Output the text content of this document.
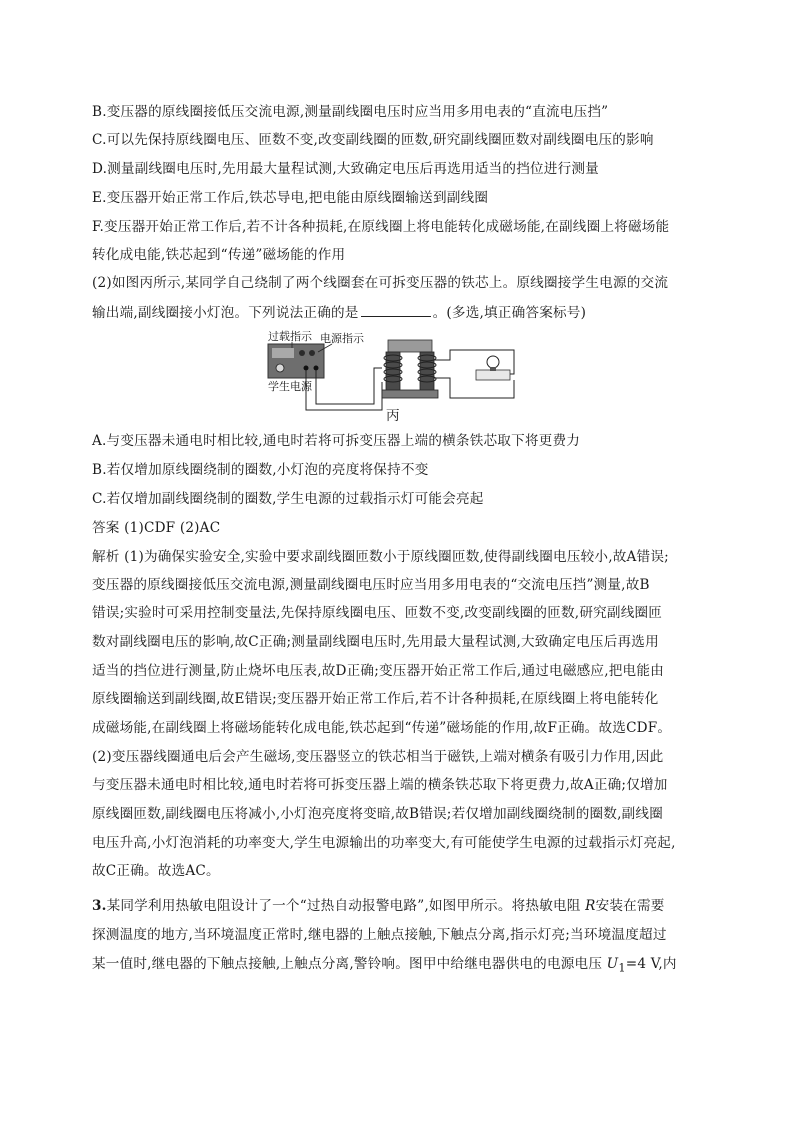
B.变压器的原线圈接低压交流电源,测量副线圈电压时应当用多用电表的“直流电压挡”
C.可以先保持原线圈电压、匝数不变,改变副线圈的匝数,研究副线圈匝数对副线圈电压的影响
D.测量副线圈电压时,先用最大量程试测,大致确定电压后再选用适当的挡位进行测量
E.变压器开始正常工作后,铁芯导电,把电能由原线圈输送到副线圈
F.变压器开始正常工作后,若不计各种损耗,在原线圈上将电能转化成磁场能,在副线圈上将磁场能
转化成电能,铁芯起到“传递”磁场能的作用
(2)如图丙所示,某同学自己绕制了两个线圈套在可拆变压器的铁芯上。原线圈接学生电源的交流
输出端,副线圈接小灯泡。下列说法正确的是	。(多选,填正确答案标号)
过载指示 电源指示
学生电源
丙
A.与变压器未通电时相比较,通电时若将可拆变压器上端的横条铁芯取下将更费力
B.若仅增加原线圈绕制的圈数,小灯泡的亮度将保持不变
C.若仅增加副线圈绕制的圈数,学生电源的过载指示灯可能会亮起
答案 (1)CDF (2)AC
解析 (1)为确保实验安全,实验中要求副线圈匝数小于原线圈匝数,使得副线圈电压较小,故A错误;
变压器的原线圈接低压交流电源,测量副线圈电压时应当用多用电表的“交流电压挡”测量,故B
错误;实验时可采用控制变量法,先保持原线圈电压、匝数不变,改变副线圈的匝数,研究副线圈匝
数对副线圈电压的影响,故C正确;测量副线圈电压时,先用最大量程试测,大致确定电压后再选用
适当的挡位进行测量,防止烧坏电压表,故D正确;变压器开始正常工作后,通过电磁感应,把电能由
原线圈输送到副线圈,故E错误;变压器开始正常工作后,若不计各种损耗,在原线圈上将电能转化
成磁场能,在副线圈上将磁场能转化成电能,铁芯起到“传递”磁场能的作用,故F正确。故选CDF。
(2)变压器线圈通电后会产生磁场,变压器竖立的铁芯相当于磁铁,上端对横条有吸引力作用,因此
与变压器未通电时相比较,通电时若将可拆变压器上端的横条铁芯取下将更费力,故A正确;仅增加
原线圈匝数,副线圈电压将减小,小灯泡亮度将变暗,故B错误;若仅增加副线圈绕制的圈数,副线圈
电压升高,小灯泡消耗的功率变大,学生电源输出的功率变大,有可能使学生电源的过载指示灯亮起,
故C正确。故选AC。
3.某同学利用热敏电阻设计了一个“过热自动报警电路”,如图甲所示。将热敏电阻 R安装在需要
探测温度的地方,当环境温度正常时,继电器的上触点接触,下触点分离,指示灯亮;当环境温度超过
某一值时,继电器的下触点接触,上触点分离,警铃响。图甲中给继电器供电的电源电压 $U_1=4$ V,内
